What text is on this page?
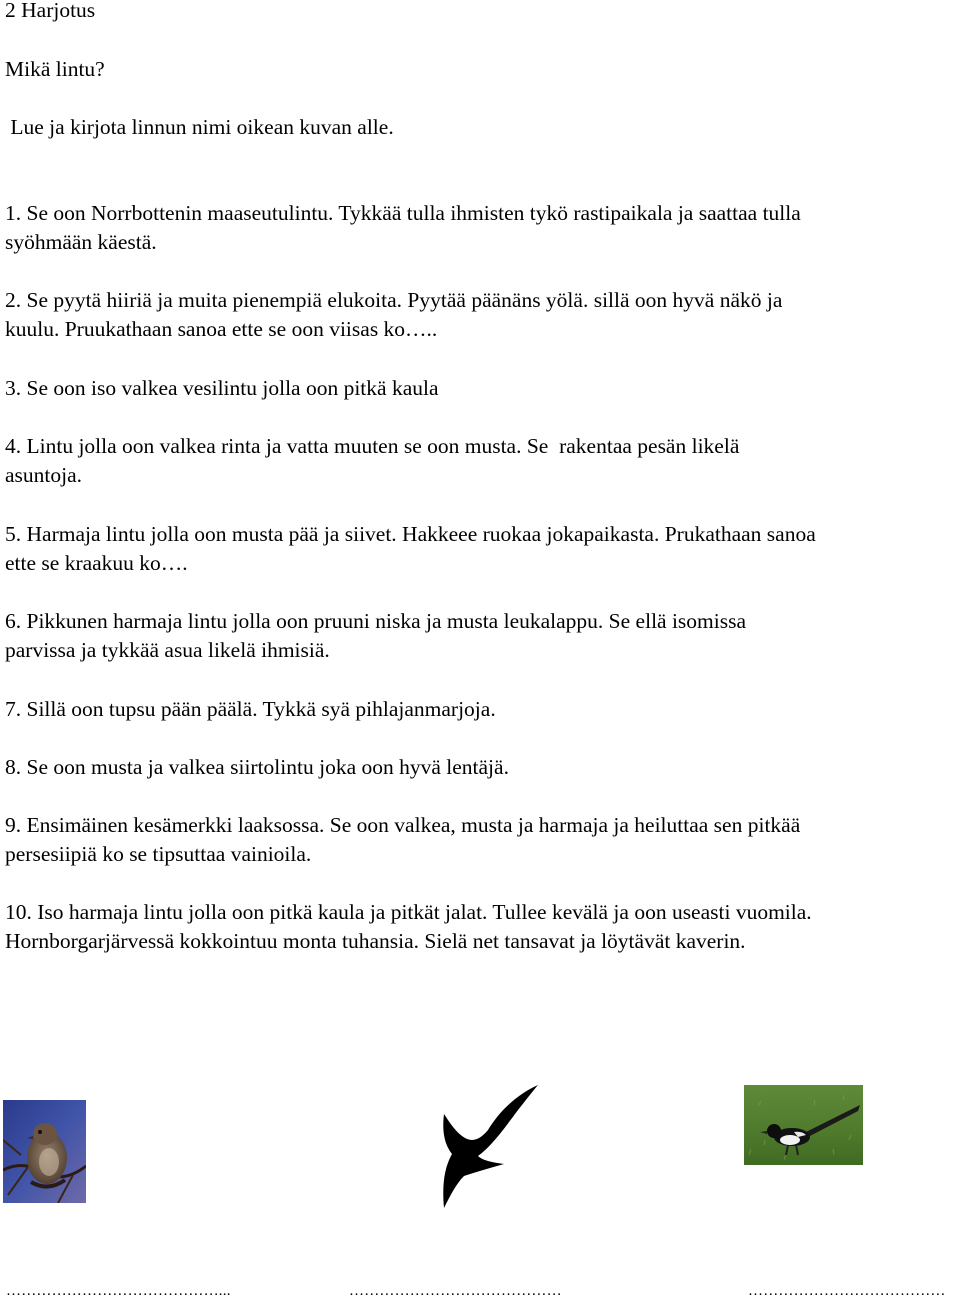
2 Harjotus
Mikä lintu?
Lue ja kirjota linnun nimi oikean kuvan alle.
1. Se oon Norrbottenin maaseutulintu. Tykkää tulla ihmisten tykö rastipaikala ja saattaa tulla
syöhmään käestä.
2. Se pyytä hiiriä ja muita pienempiä elukoita. Pyytää päänäns yölä. sillä oon hyvä näkö ja
kuulu. Pruukathaan sanoa ette se oon viisas ko…..
3. Se oon iso valkea vesilintu jolla oon pitkä kaula
4. Lintu jolla oon valkea rinta ja vatta muuten se oon musta. Se  rakentaa pesän likelä
asuntoja.
5. Harmaja lintu jolla oon musta pää ja siivet. Hakkeee ruokaa jokapaikasta. Prukathaan sanoa
ette se kraakuu ko….
6. Pikkunen harmaja lintu jolla oon pruuni niska ja musta leukalappu. Se ellä isomissa
parvissa ja tykkää asua likelä ihmisiä.
7. Sillä oon tupsu pään päälä. Tykkä syä pihlajanmarjoja.
8. Se oon musta ja valkea siirtolintu joka oon hyvä lentäjä.
9. Ensimäinen kesämerkki laaksossa. Se oon valkea, musta ja harmaja ja heiluttaa sen pitkää
persesiipiä ko se tipsuttaa vainioila.
10. Iso harmaja lintu jolla oon pitkä kaula ja pitkät jalat. Tullee kevälä ja oon useasti vuomila.
Hornborgarjärvessä kokkointuu monta tuhansia. Sielä net tansavat ja löytävät kaverin.
……………………………………...	……………………………………	…………………………………
